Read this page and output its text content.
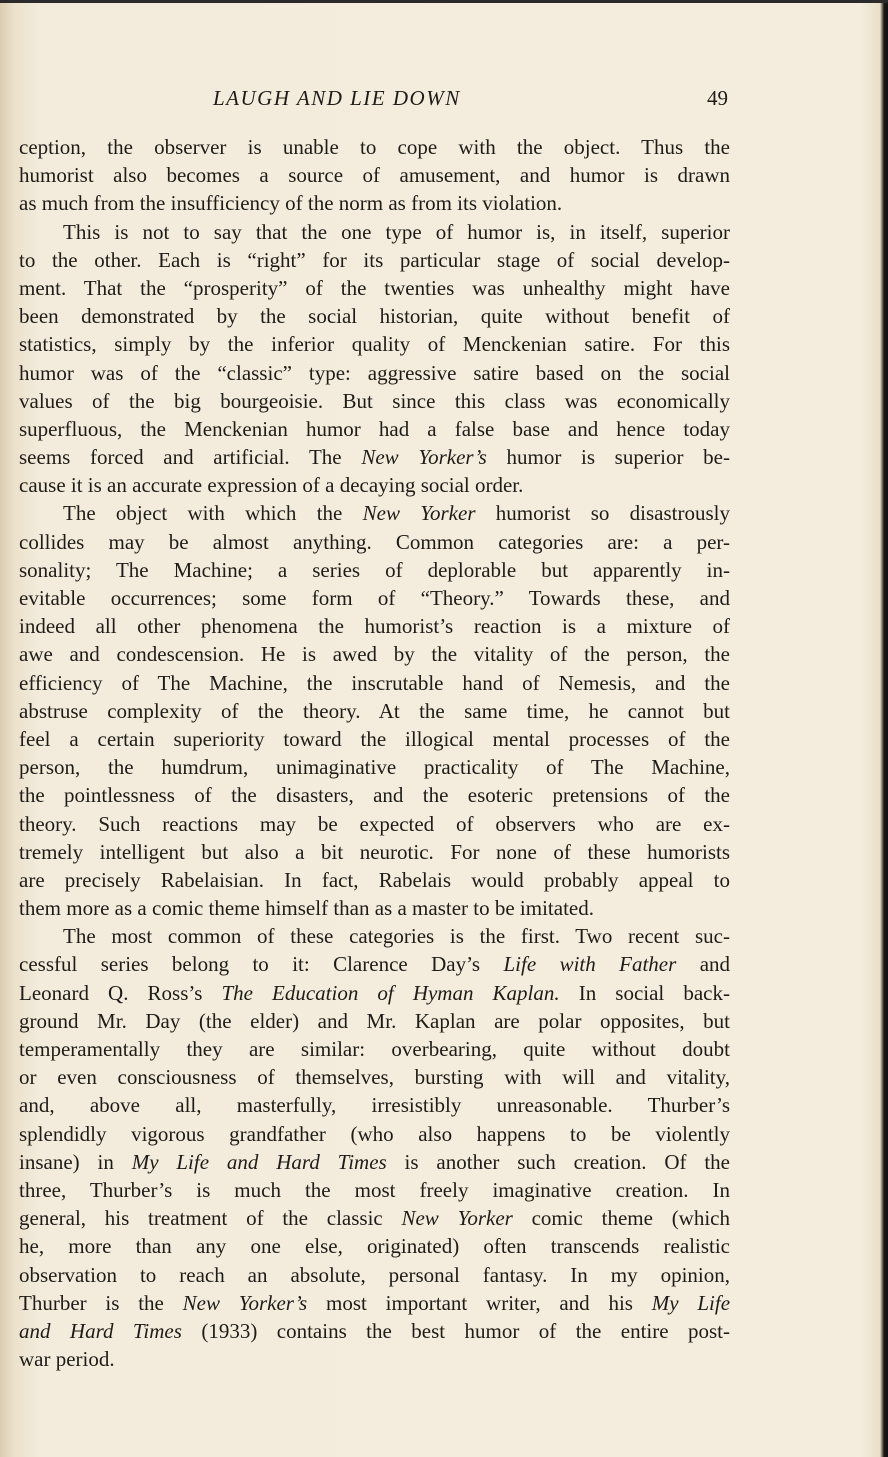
LAUGH AND LIE DOWN	49
ception, the observer is unable to cope with the object. Thus the
humorist also becomes a source of amusement, and humor is drawn
as much from the insufficiency of the norm as from its violation.
This is not to say that the one type of humor is, in itself, superior
to the other. Each is “right” for its particular stage of social develop-
ment. That the “prosperity” of the twenties was unhealthy might have
been demonstrated by the social historian, quite without benefit of
statistics, simply by the inferior quality of Menckenian satire. For this
humor was of the “classic” type: aggressive satire based on the social
values of the big bourgeoisie. But since this class was economically
superfluous, the Menckenian humor had a false base and hence today
seems forced and artificial. The New Yorker’s humor is superior be-
cause it is an accurate expression of a decaying social order.
The object with which the New Yorker humorist so disastrously
collides may be almost anything. Common categories are: a per-
sonality; The Machine; a series of deplorable but apparently in-
evitable occurrences; some form of “Theory.” Towards these, and
indeed all other phenomena the humorist’s reaction is a mixture of
awe and condescension. He is awed by the vitality of the person, the
efficiency of The Machine, the inscrutable hand of Nemesis, and the
abstruse complexity of the theory. At the same time, he cannot but
feel a certain superiority toward the illogical mental processes of the
person, the humdrum, unimaginative practicality of The Machine,
the pointlessness of the disasters, and the esoteric pretensions of the
theory. Such reactions may be expected of observers who are ex-
tremely intelligent but also a bit neurotic. For none of these humorists
are precisely Rabelaisian. In fact, Rabelais would probably appeal to
them more as a comic theme himself than as a master to be imitated.
The most common of these categories is the first. Two recent suc-
cessful series belong to it: Clarence Day’s Life with Father and
Leonard Q. Ross’s The Education of Hyman Kaplan. In social back-
ground Mr. Day (the elder) and Mr. Kaplan are polar opposites, but
temperamentally they are similar: overbearing, quite without doubt
or even consciousness of themselves, bursting with will and vitality,
and, above all, masterfully, irresistibly unreasonable. Thurber’s
splendidly vigorous grandfather (who also happens to be violently
insane) in My Life and Hard Times is another such creation. Of the
three, Thurber’s is much the most freely imaginative creation. In
general, his treatment of the classic New Yorker comic theme (which
he, more than any one else, originated) often transcends realistic
observation to reach an absolute, personal fantasy. In my opinion,
Thurber is the New Yorker’s most important writer, and his My Life
and Hard Times (1933) contains the best humor of the entire post-
war period.
